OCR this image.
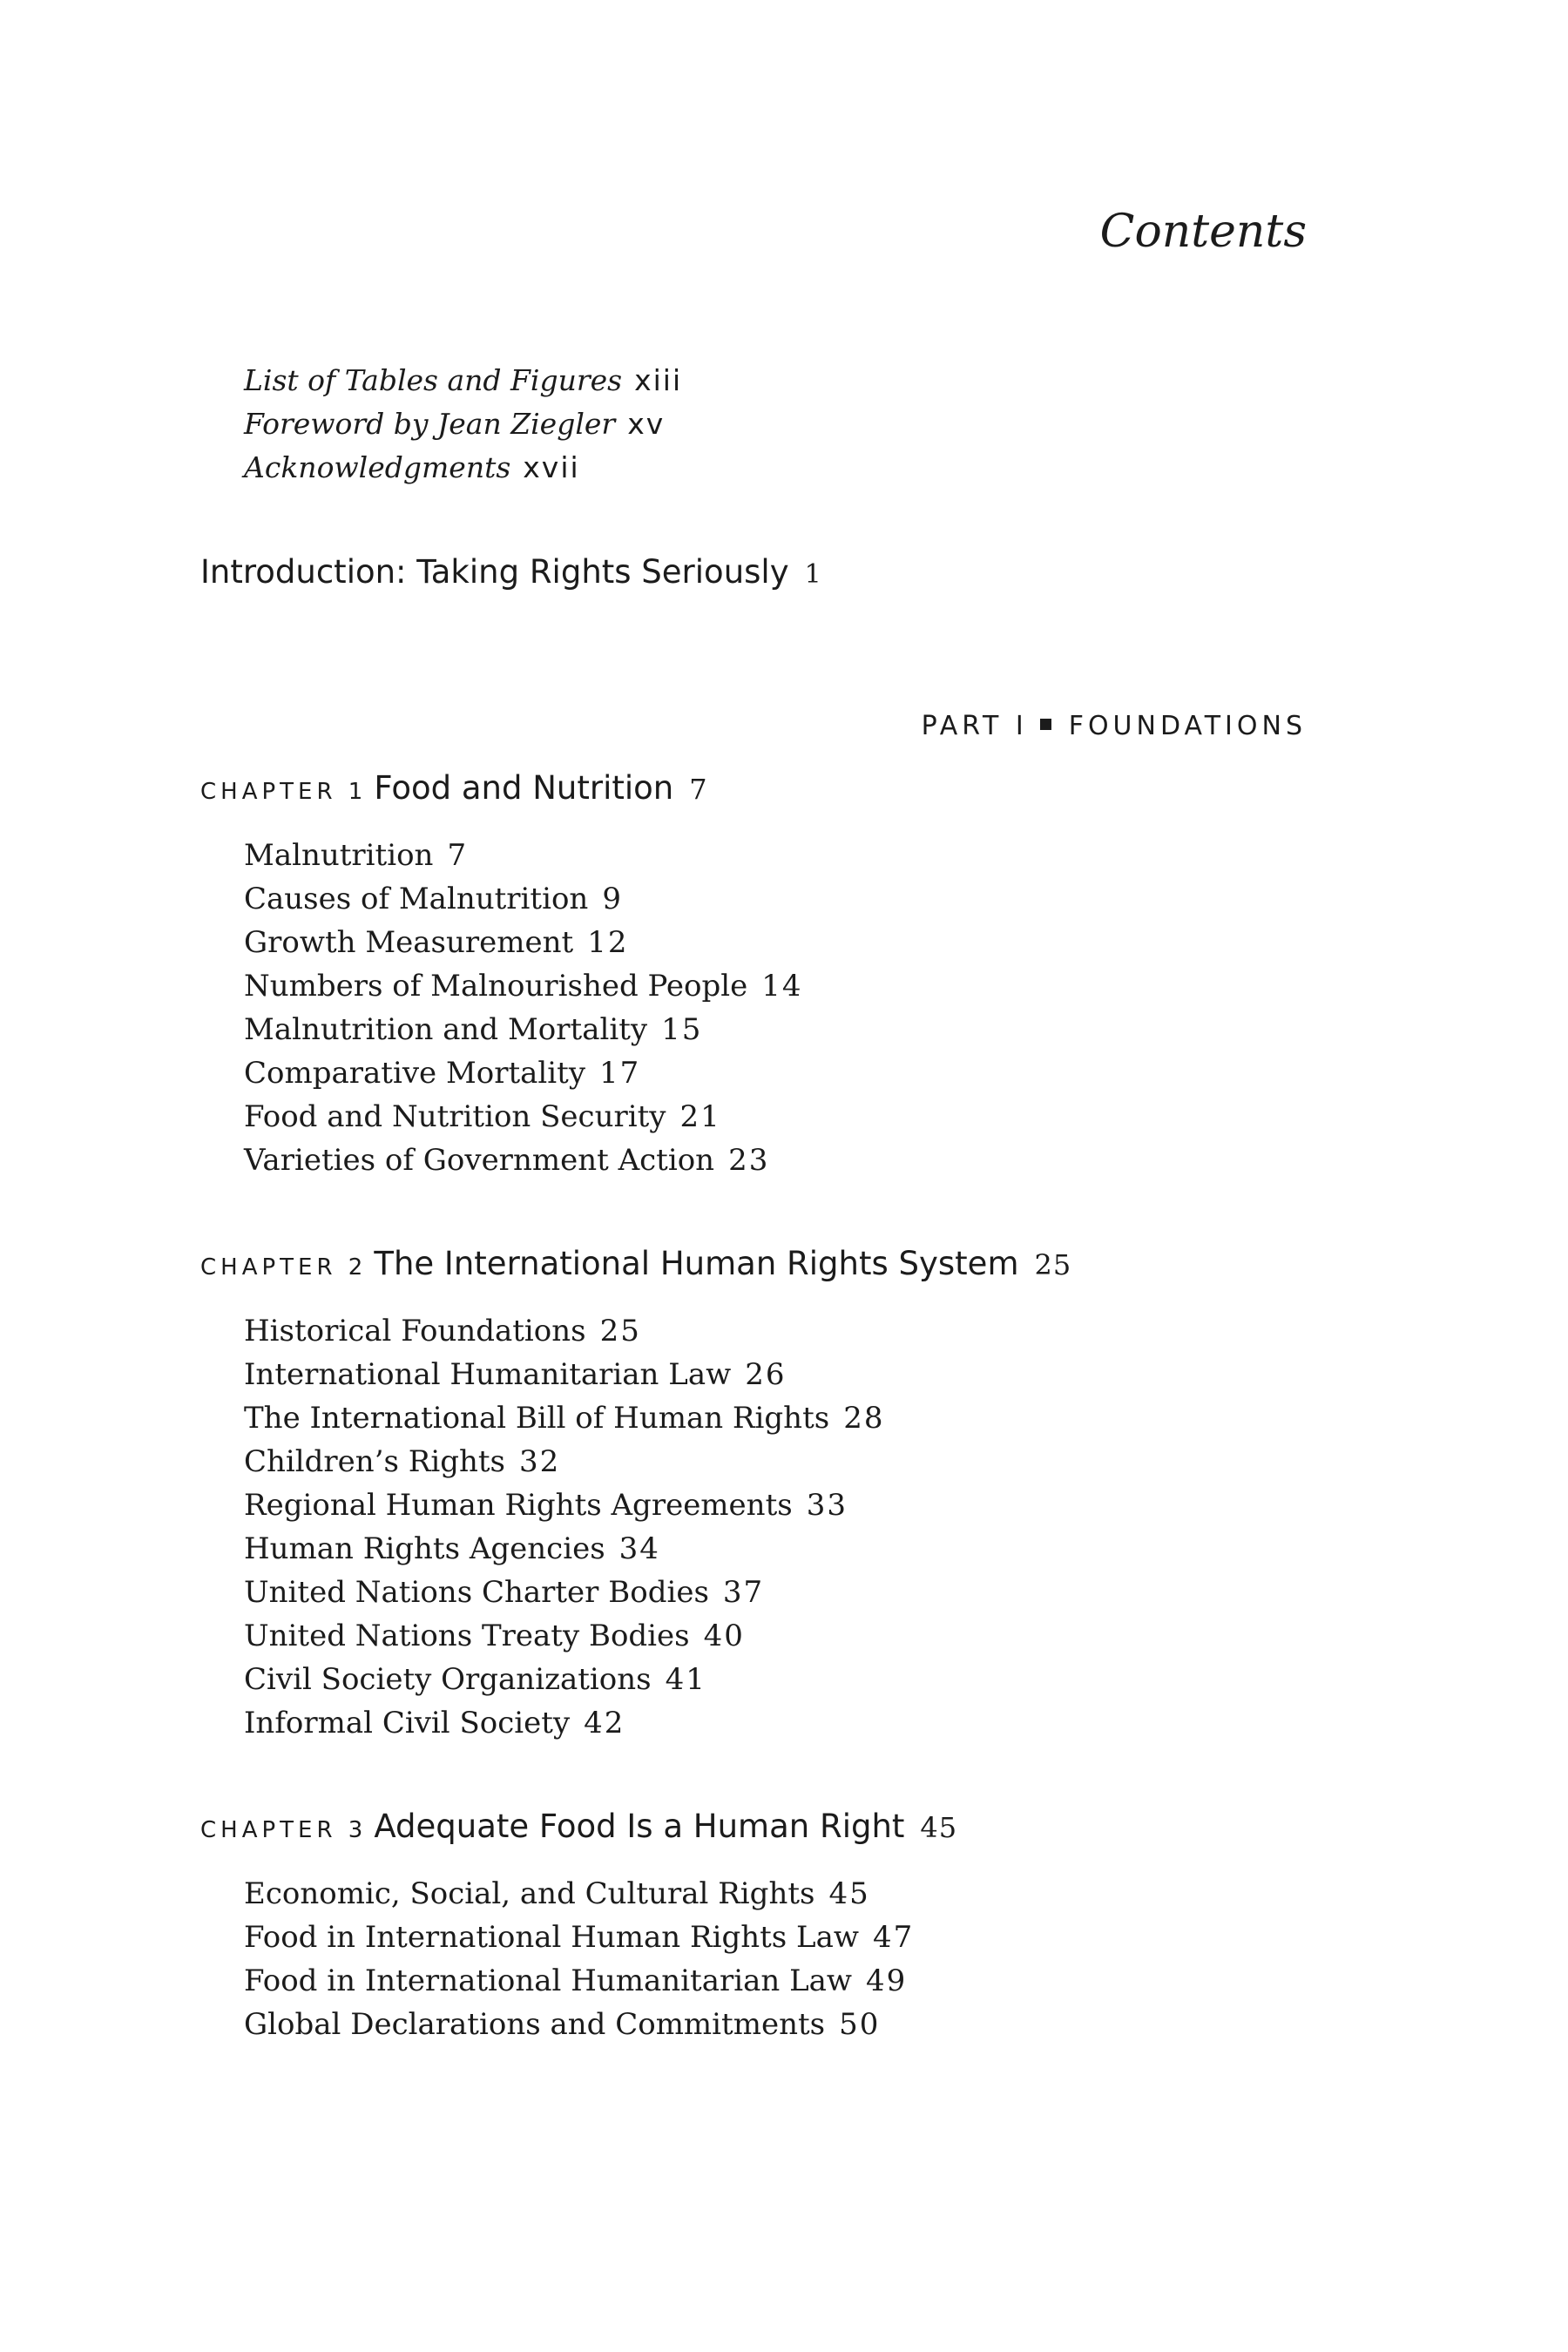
Contents
List of Tables and Figures xiii
Foreword by Jean Ziegler xv
Acknowledgments xvii
Introduction: Taking Rights Seriously 1
PART I FOUNDATIONS
CHAPTER 1 Food and Nutrition 7
Malnutrition 7
Causes of Malnutrition 9
Growth Measurement 12
Numbers of Malnourished People 14
Malnutrition and Mortality 15
Comparative Mortality 17
Food and Nutrition Security 21
Varieties of Government Action 23
CHAPTER 2 The International Human Rights System 25
Historical Foundations 25
International Humanitarian Law 26
The International Bill of Human Rights 28
Children’s Rights 32
Regional Human Rights Agreements 33
Human Rights Agencies 34
United Nations Charter Bodies 37
United Nations Treaty Bodies 40
Civil Society Organizations 41
Informal Civil Society 42
CHAPTER 3 Adequate Food Is a Human Right 45
Economic, Social, and Cultural Rights 45
Food in International Human Rights Law 47
Food in International Humanitarian Law 49
Global Declarations and Commitments 50
